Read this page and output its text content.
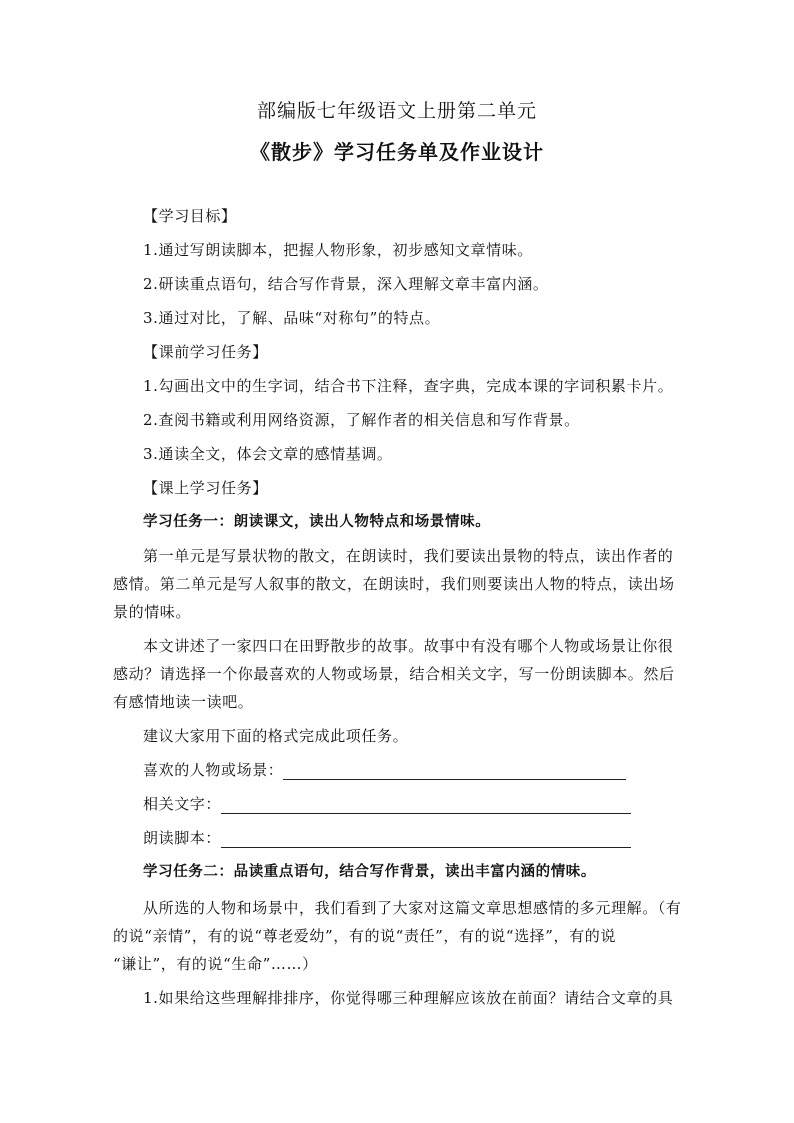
部编版七年级语文上册第二单元
《散步》学习任务单及作业设计
【学习目标】
1.通过写朗读脚本，把握人物形象，初步感知文章情味。
2.研读重点语句，结合写作背景，深入理解文章丰富内涵。
3.通过对比，了解、品味“对称句”的特点。
【课前学习任务】
1.勾画出文中的生字词，结合书下注释，查字典，完成本课的字词积累卡片。
2.查阅书籍或利用网络资源，了解作者的相关信息和写作背景。
3.通读全文，体会文章的感情基调。
【课上学习任务】
学习任务一：朗读课文，读出人物特点和场景情味。
第一单元是写景状物的散文，在朗读时，我们要读出景物的特点，读出作者的
感情。第二单元是写人叙事的散文，在朗读时，我们则要读出人物的特点，读出场
景的情味。
本文讲述了一家四口在田野散步的故事。故事中有没有哪个人物或场景让你很
感动？请选择一个你最喜欢的人物或场景，结合相关文字，写一份朗读脚本。然后
有感情地读一读吧。
建议大家用下面的格式完成此项任务。
喜欢的人物或场景：
相关文字：
朗读脚本：
学习任务二：品读重点语句，结合写作背景，读出丰富内涵的情味。
从所选的人物和场景中，我们看到了大家对这篇文章思想感情的多元理解。（有
的说“亲情”，有的说“尊老爱幼”，有的说“责任”，有的说“选择”，有的说
“谦让”，有的说“生命”……）
1.如果给这些理解排排序，你觉得哪三种理解应该放在前面？请结合文章的具
